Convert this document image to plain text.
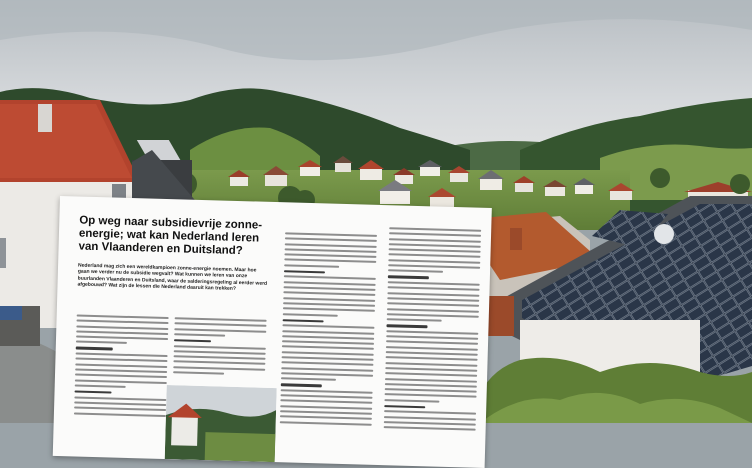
Op weg naar subsidievrije zonne-energie; wat kan Nederland leren van Vlaanderen en Duitsland?

Nederland mag zich een wereldkampioen zonne-energie noemen. Maar hoe gaan we verder nu de subsidie wegvalt? Wat kunnen we leren van onze buurlanden Vlaanderen en Duitsland, waar de salderingsregeling al eerder werd afgebouwd? Wat zijn de lessen die Nederland daaruit kan trekken?
